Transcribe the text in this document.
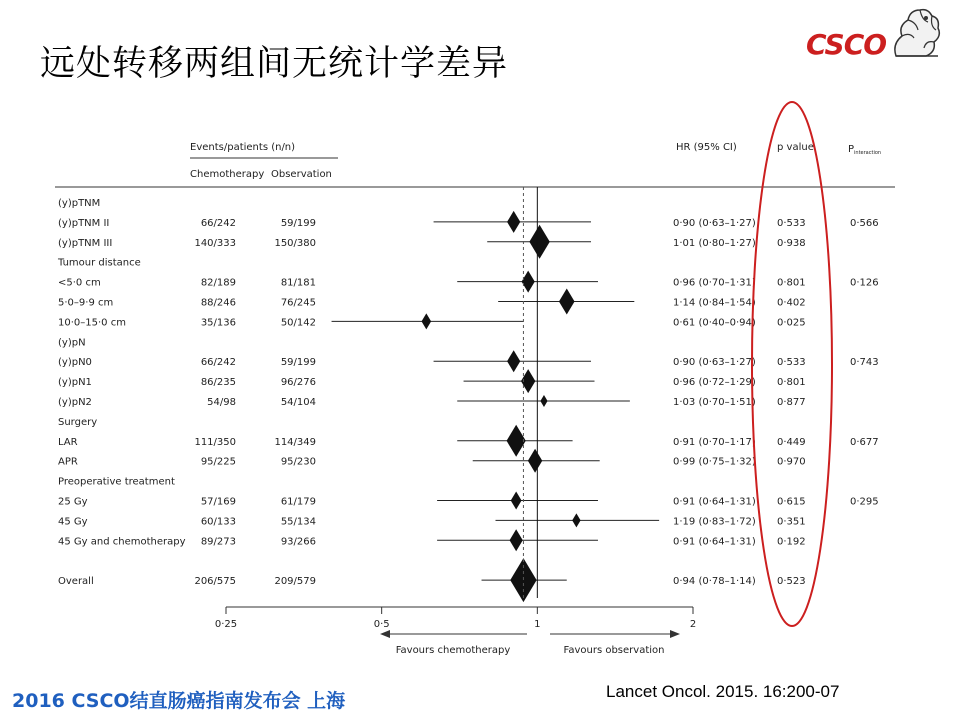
远处转移两组间无统计学差异	CSCO
Events/patients (n/n)
Chemotherapy Observation
HR (95% CI)	p value	$P_{interaction}$
(y)pTNM
(y)pTNM II	66/242	59/199	0·90 (0·63–1·27) 0·533	0·566
(y)pTNM III	140/333	150/380	1·01 (0·80–1·27) 0·938
Tumour distance
<5·0 cm	82/189	81/181	0·96 (0·70–1·31) 0·801	0·126
5·0–9·9 cm	88/246	76/245	1·14 (0·84–1·54) 0·402
10·0–15·0 cm	35/136	50/142	0·61 (0·40–0·94) 0·025
(y)pN
(y)pN0	66/242	59/199	0·90 (0·63–1·27) 0·533	0·743
(y)pN1	86/235	96/276	0·96 (0·72–1·29) 0·801
(y)pN2	54/98	54/104	1·03 (0·70–1·51) 0·877
Surgery
LAR	111/350	114/349	0·91 (0·70–1·17) 0·449	0·677
APR	95/225	95/230	0·99 (0·75–1·32) 0·970
Preoperative treatment
25 Gy	57/169	61/179	0·91 (0·64–1·31) 0·615	0·295
45 Gy	60/133	55/134	1·19 (0·83–1·72) 0·351
45 Gy and chemotherapy 89/273	93/266	0·91 (0·64–1·31) 0·192
Overall	206/575	209/579	0·94 (0·78–1·14) 0·523
0·25	0·5	1	2
Favours chemotherapy	Favours observation
2016 CSCO结直肠癌指南发布会 上海	Lancet Oncol. 2015. 16:200-07
